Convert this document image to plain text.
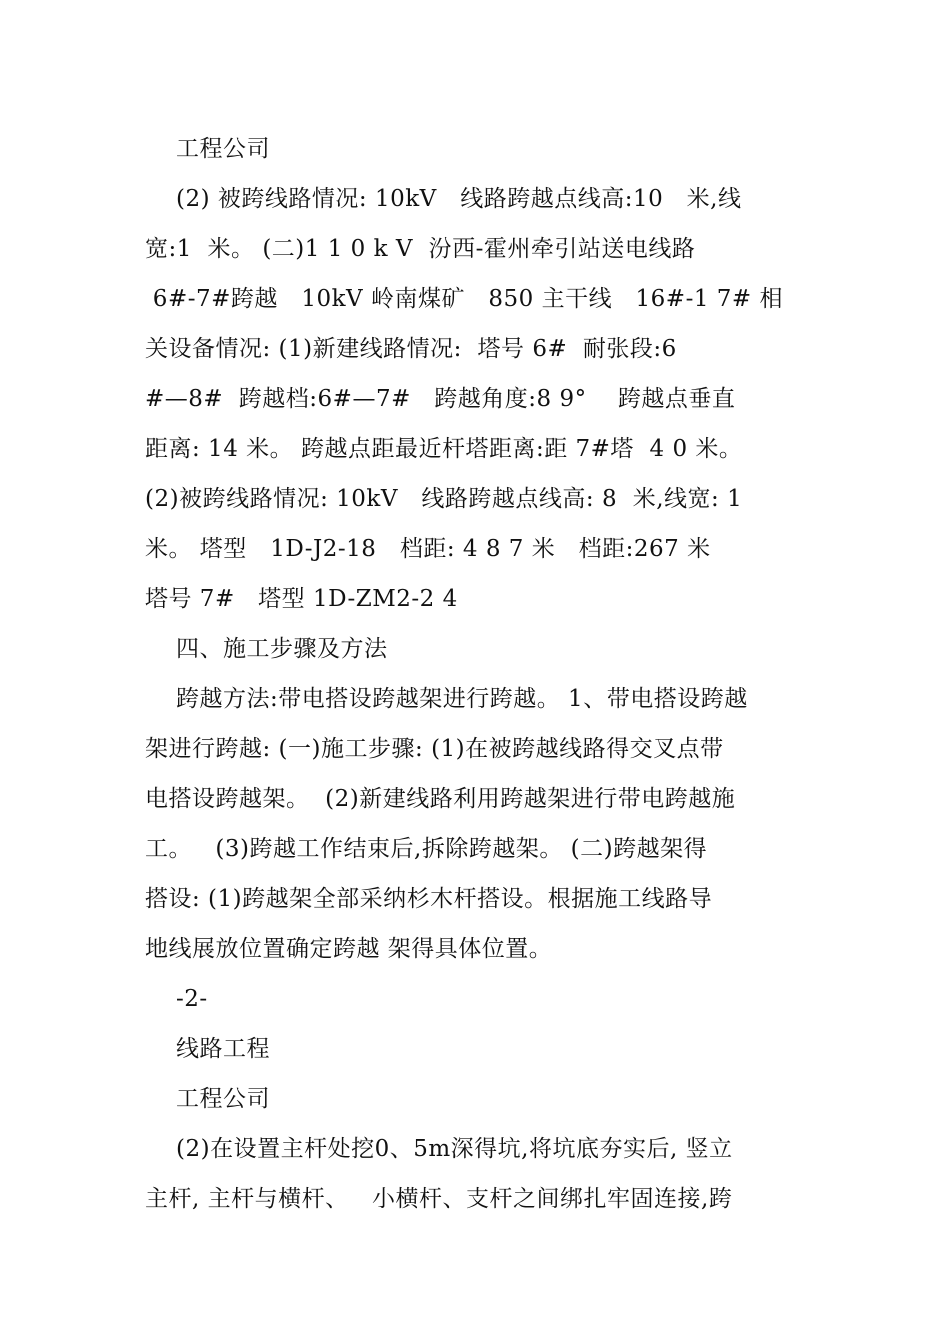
工程公司
(2) 被跨线路情况: 10kV   线路跨越点线高:10   米,线
宽:1  米。 (二)1 1 0 k V  汾西-霍州牵引站送电线路
6#-7#跨越   10kV 岭南煤矿   850 主干线   16#-1 7# 相
关设备情况: (1)新建线路情况:  塔号 6#  耐张段:6
#—8#  跨越档:6#—7#   跨越角度:8 9°    跨越点垂直
距离: 14 米。 跨越点距最近杆塔距离:距 7#塔  4 0 米。
(2)被跨线路情况: 10kV   线路跨越点线高: 8  米,线宽: 1
米。 塔型   1D-J2-18   档距: 4 8 7 米   档距:267 米
塔号 7#   塔型 1D-ZM2-2 4
四、施工步骤及方法
跨越方法:带电搭设跨越架进行跨越。 1、带电搭设跨越
架进行跨越: (一)施工步骤: (1)在被跨越线路得交叉点带
电搭设跨越架。  (2)新建线路利用跨越架进行带电跨越施
工。   (3)跨越工作结束后,拆除跨越架。 (二)跨越架得
搭设: (1)跨越架全部采纳杉木杆搭设。根据施工线路导
地线展放位置确定跨越 架得具体位置。
-2-
线路工程
工程公司
(2)在设置主杆处挖0、5m深得坑,将坑底夯实后, 竖立
主杆, 主杆与横杆、   小横杆、支杆之间绑扎牢固连接,跨
